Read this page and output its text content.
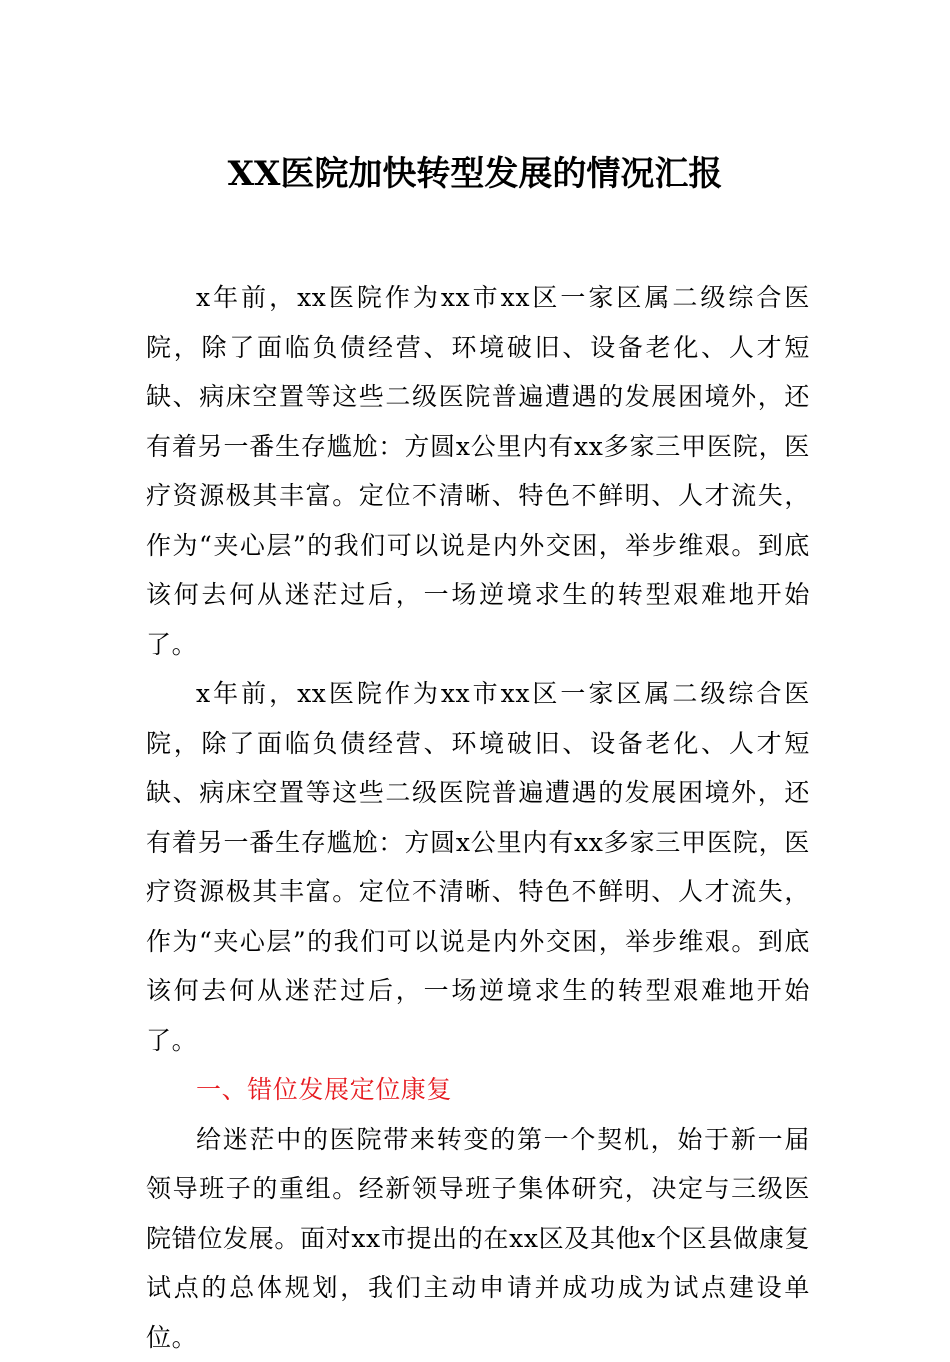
XX医院加快转型发展的情况汇报

x年前，xx医院作为xx市xx区一家区属二级综合医院，除了面临负债经营、环境破旧、设备老化、人才短缺、病床空置等这些二级医院普遍遭遇的发展困境外，还有着另一番生存尴尬：方圆x公里内有xx多家三甲医院，医疗资源极其丰富。定位不清晰、特色不鲜明、人才流失，作为“夹心层”的我们可以说是内外交困，举步维艰。到底该何去何从迷茫过后，一场逆境求生的转型艰难地开始了。

x年前，xx医院作为xx市xx区一家区属二级综合医院，除了面临负债经营、环境破旧、设备老化、人才短缺、病床空置等这些二级医院普遍遭遇的发展困境外，还有着另一番生存尴尬：方圆x公里内有xx多家三甲医院，医疗资源极其丰富。定位不清晰、特色不鲜明、人才流失，作为“夹心层”的我们可以说是内外交困，举步维艰。到底该何去何从迷茫过后，一场逆境求生的转型艰难地开始了。

一、错位发展定位康复

给迷茫中的医院带来转变的第一个契机，始于新一届领导班子的重组。经新领导班子集体研究，决定与三级医院错位发展。面对xx市提出的在xx区及其他x个区县做康复试点的总体规划，我们主动申请并成功成为试点建设单位。
